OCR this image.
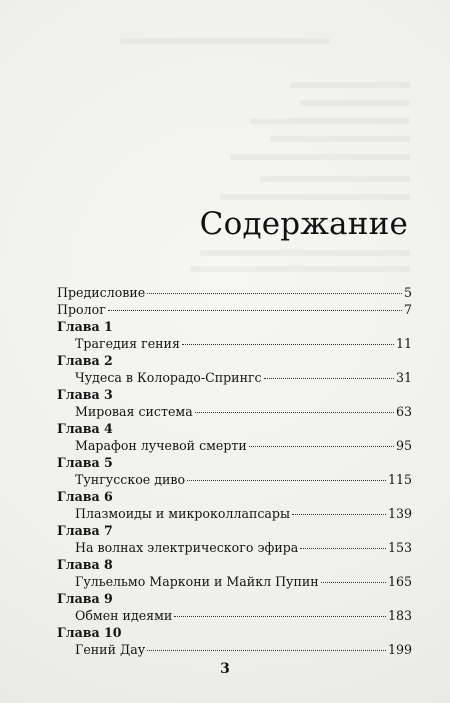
Содержание
Предисловие	5
Пролог	7
Глава 1
Трагедия гения	11
Глава 2
Чудеса в Колорадо-Спрингс	31
Глава 3
Мировая система	63
Глава 4
Марафон лучевой смерти	95
Глава 5
Тунгусское диво	115
Глава 6
Плазмоиды и микроколлапсары	139
Глава 7
На волнах электрического эфира	153
Глава 8
Гульельмо Маркони и Майкл Пупин	165
Глава 9
Обмен идеями	183
Глава 10
Гений Дау	199
3
